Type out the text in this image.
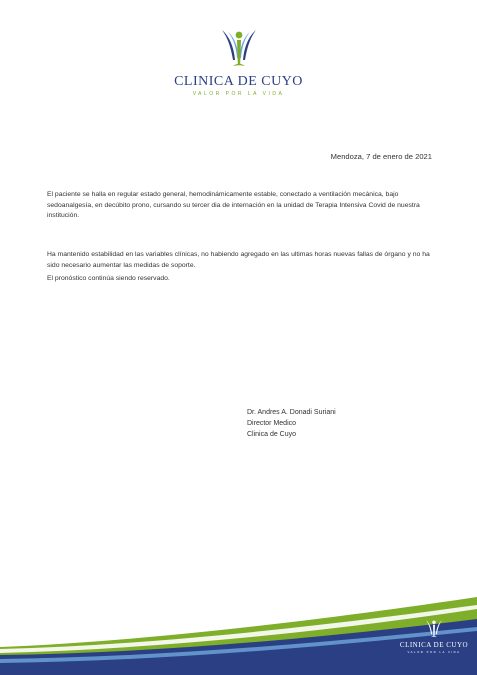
CLINICA DE CUYO
VALOR POR LA VIDA
Mendoza, 7 de enero de 2021

El paciente se halla en regular estado general, hemodinámicamente estable, conectado a ventilación mecánica, bajo sedoanalgesía, en decúbito prono, cursando su tercer dia de internación en la unidad de Terapia Intensiva Covid de nuestra institución.

Ha mantenido estabilidad en las variables clínicas, no habiendo agregado en las ultimas horas nuevas fallas de órgano y no ha sido necesario aumentar las medidas de soporte.

El pronóstico continúa siendo reservado.

Dr. Andres A. Donadi Suriani
Director Medico
Clinica de Cuyo
CLINICA DE CUYO
VALOR POR LA VIDA
